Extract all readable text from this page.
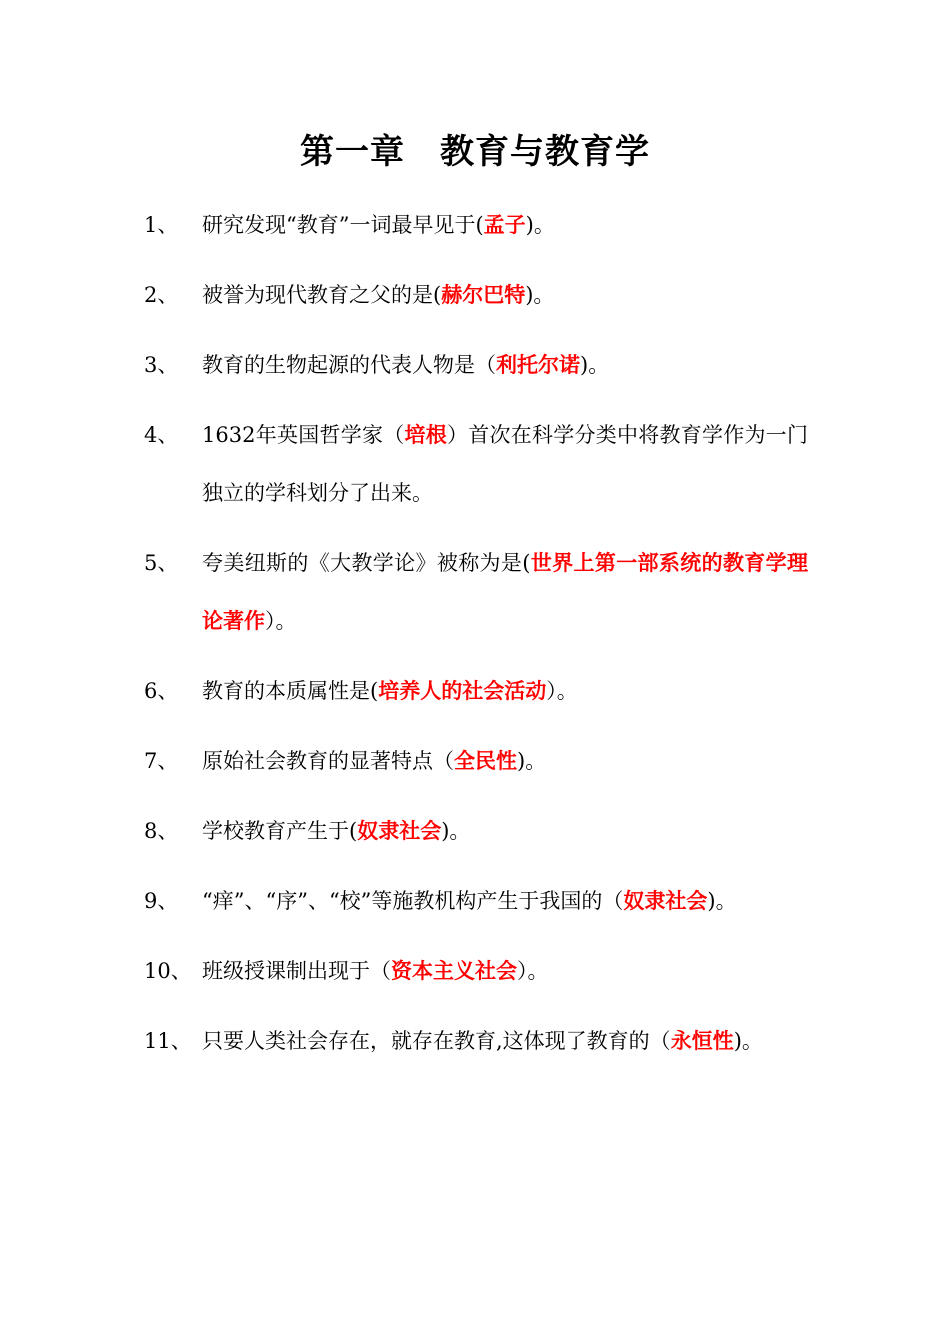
第一章　教育与教育学
1、 研究发现“教育”一词最早见于(孟子)。
2、 被誉为现代教育之父的是(赫尔巴特)。
3、 教育的生物起源的代表人物是（利托尔诺)。
4、 1632年英国哲学家（培根）首次在科学分类中将教育学作为一门独立的学科划分了出来。
5、 夸美纽斯的《大教学论》被称为是(世界上第一部系统的教育学理论著作）。
6、 教育的本质属性是(培养人的社会活动）。
7、 原始社会教育的显著特点（全民性)。
8、 学校教育产生于(奴隶社会)。
9、 “痒”、“序”、“校”等施教机构产生于我国的（奴隶社会)。
10、 班级授课制出现于（资本主义社会）。
11、 只要人类社会存在，就存在教育,这体现了教育的（永恒性)。
